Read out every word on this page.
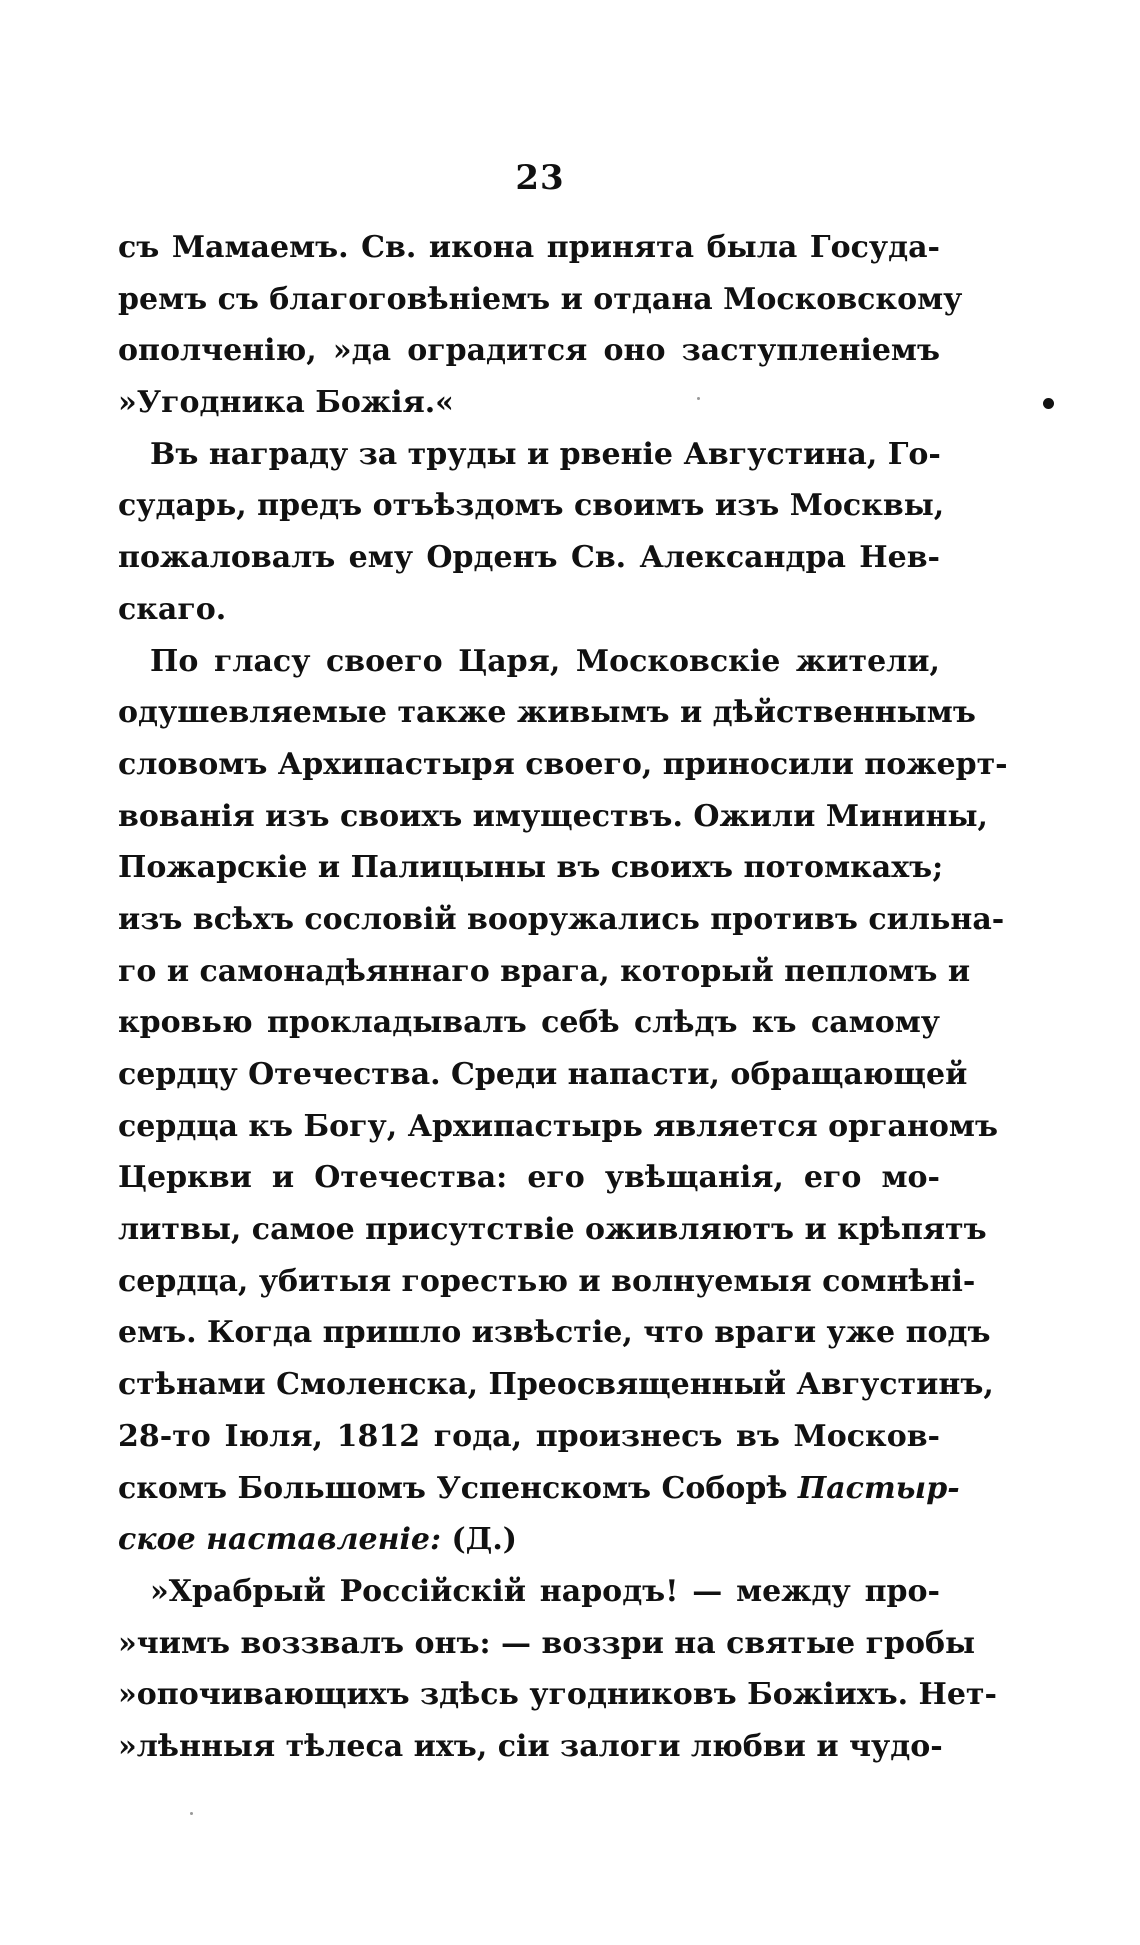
23
съ Мамаемъ. Св. икона принята была Госуда-
ремъ съ благоговѣніемъ и отдана Московскому
ополченію, »да оградится оно заступленіемъ
»Угодника Божія.«
Въ награду за труды и рвеніе Августина, Го-
сударь, предъ отъѣздомъ своимъ изъ Москвы,
пожаловалъ ему Орденъ Св. Александра Нев-
скаго.
По гласу своего Царя, Московскіе жители,
одушевляемые также живымъ и дѣйственнымъ
словомъ Архипастыря своего, приносили пожерт-
вованія изъ своихъ имуществъ. Ожили Минины,
Пожарскіе и Палицыны въ своихъ потомкахъ;
изъ всѣхъ сословій вооружались противъ сильна-
го и самонадѣяннаго врага, который пепломъ и
кровью прокладывалъ себѣ слѣдъ къ самому
сердцу Отечества. Среди напасти, обращающей
сердца къ Богу, Архипастырь является органомъ
Церкви и Отечества: его увѣщанія, его мо-
литвы, самое присутствіе оживляютъ и крѣпятъ
сердца, убитыя горестью и волнуемыя сомнѣні-
емъ. Когда пришло извѣстіе, что враги уже подъ
стѣнами Смоленска, Преосвященный Августинъ,
28-то Іюля, 1812 года, произнесъ въ Москов-
скомъ Большомъ Успенскомъ Соборѣ Пастыр-
ское наставленіе: (Д.)
»Храбрый Россійскій народъ! — между про-
»чимъ воззвалъ онъ: — воззри на святые гробы
»опочивающихъ здѣсь угодниковъ Божіихъ. Нет-
»лѣнныя тѣлеса ихъ, сіи залоги любви и чудо-
